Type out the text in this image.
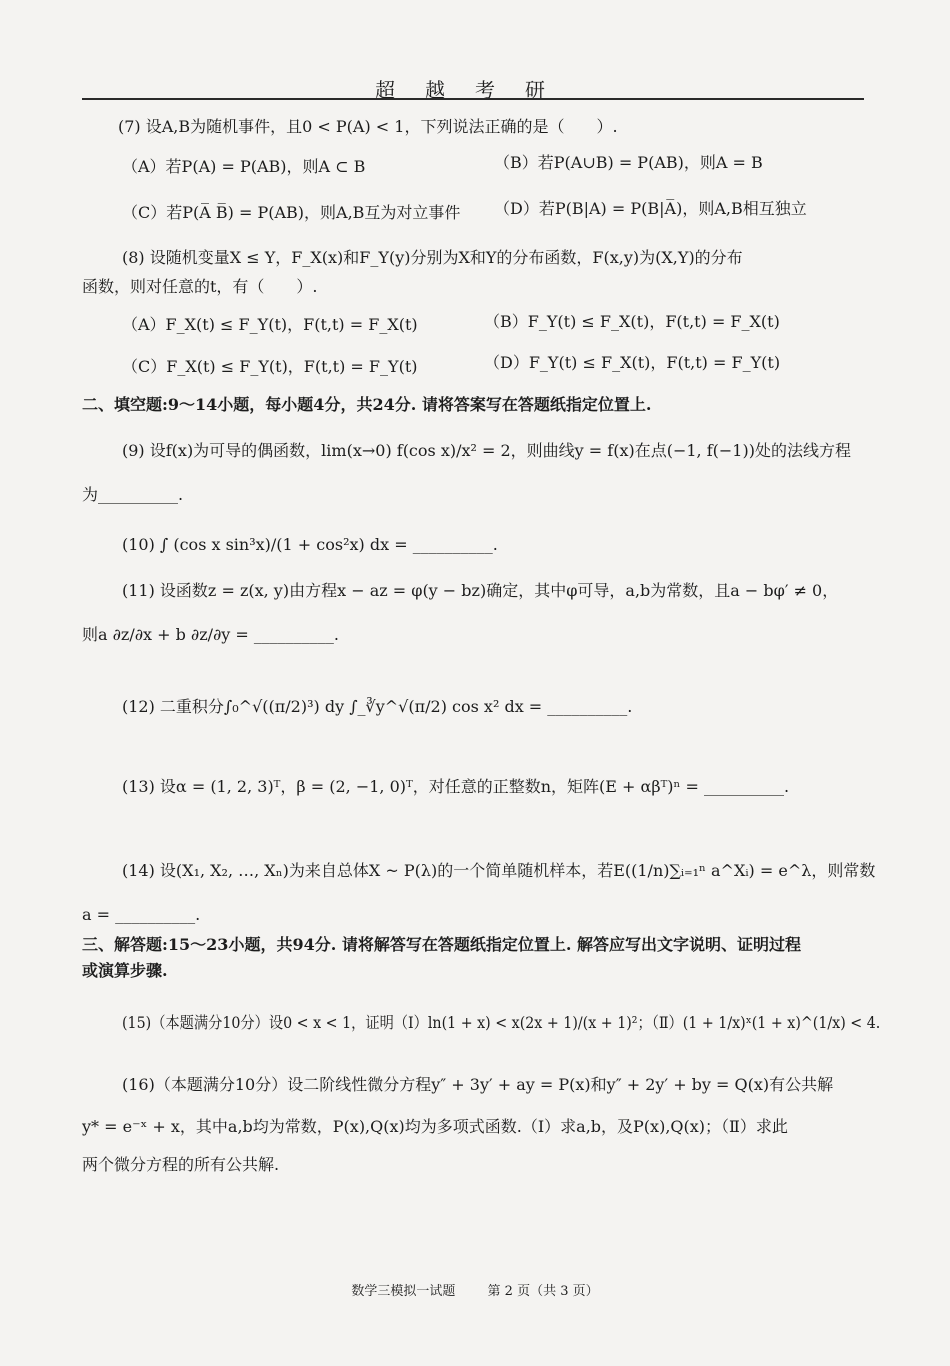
超越考研
(7) 设A,B为随机事件，且0 < P(A) < 1，下列说法正确的是（　　）.
（A）若P(A) = P(AB)，则A ⊂ B	（B）若P(A∪B) = P(AB)，则A = B
（C）若P(A̅ B̅) = P(AB)，则A,B互为对立事件 （D）若P(B|A) = P(B|A̅)，则A,B相互独立
(8) 设随机变量X ≤ Y，F_X(x)和F_Y(y)分别为X和Y的分布函数，F(x,y)为(X,Y)的分布
函数，则对任意的t，有（　　）.
（A）F_X(t) ≤ F_Y(t)，F(t,t) = F_X(t)	（B）F_Y(t) ≤ F_X(t)，F(t,t) = F_X(t)
（C）F_X(t) ≤ F_Y(t)，F(t,t) = F_Y(t)	（D）F_Y(t) ≤ F_X(t)，F(t,t) = F_Y(t)
二、填空题:9～14小题，每小题4分，共24分. 请将答案写在答题纸指定位置上.
(9) 设f(x)为可导的偶函数，lim(x→0) f(cos x)/x² = 2，则曲线y = f(x)在点(−1, f(−1))处的法线方程
为__________.
(10) ∫ (cos x sin³x)/(1 + cos²x) dx = __________.
(11) 设函数z = z(x, y)由方程x − az = φ(y − bz)确定，其中φ可导，a,b为常数，且a − bφ′ ≠ 0，
则a ∂z/∂x + b ∂z/∂y = __________.
(12) 二重积分∫₀^√((π/2)³) dy ∫_∛y^√(π/2) cos x² dx = __________.
(13) 设α = (1, 2, 3)ᵀ，β = (2, −1, 0)ᵀ，对任意的正整数n，矩阵(E + αβᵀ)ⁿ = __________.
(14) 设(X₁, X₂, …, Xₙ)为来自总体X ~ P(λ)的一个简单随机样本，若E((1/n)∑ᵢ₌₁ⁿ a^Xᵢ) = e^λ，则常数
a = __________.
三、解答题:15～23小题，共94分. 请将解答写在答题纸指定位置上. 解答应写出文字说明、证明过程
或演算步骤.
(15)（本题满分10分）设0 < x < 1，证明（Ⅰ）ln(1 + x) < x(2x + 1)/(x + 1)²；（Ⅱ）(1 + 1/x)ˣ(1 + x)^(1/x) < 4.
(16)（本题满分10分）设二阶线性微分方程y″ + 3y′ + ay = P(x)和y″ + 2y′ + by = Q(x)有公共解
y* = e⁻ˣ + x，其中a,b均为常数，P(x),Q(x)均为多项式函数.（Ⅰ）求a,b，及P(x),Q(x)；（Ⅱ）求此
两个微分方程的所有公共解.
数学三模拟一试题 第 2 页（共 3 页）
